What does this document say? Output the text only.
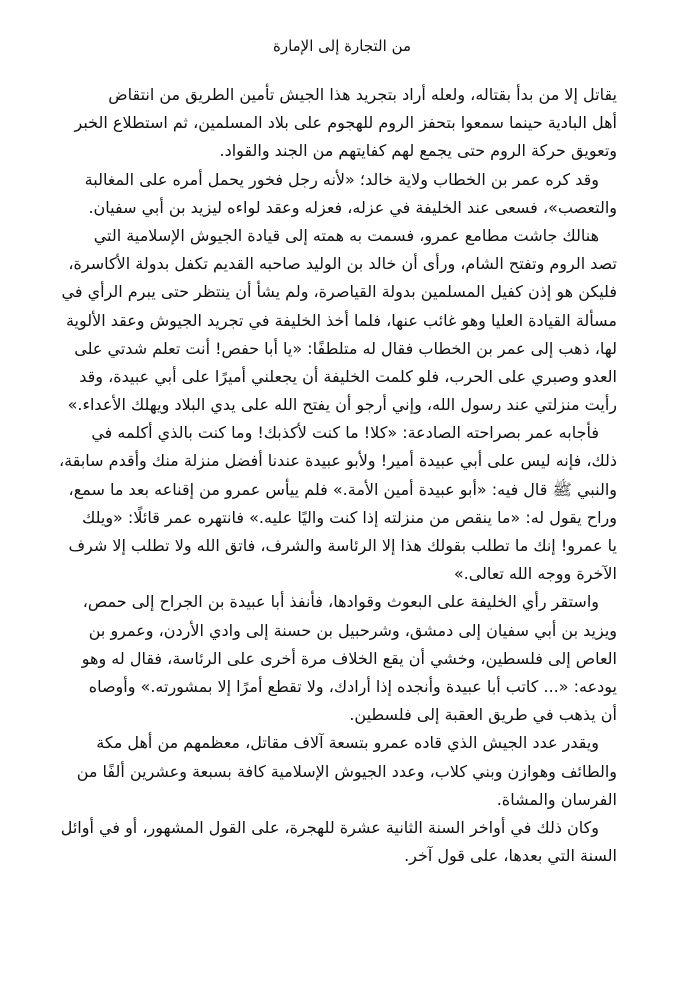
من التجارة إلى الإمارة
يقاتل إلا من بدأ بقتاله، ولعله أراد بتجريد هذا الجيش تأمين الطريق من انتقاض
أهل البادية حينما سمعوا بتحفز الروم للهجوم على بلاد المسلمين، ثم استطلاع الخبر
وتعويق حركة الروم حتى يجمع لهم كفايتهم من الجند والقواد.
وقد كره عمر بن الخطاب ولاية خالد؛ «لأنه رجل فخور يحمل أمره على المغالبة
والتعصب»، فسعى عند الخليفة في عزله، فعزله وعقد لواءه ليزيد بن أبي سفيان.
هنالك جاشت مطامع عمرو، فسمت به همته إلى قيادة الجيوش الإسلامية التي
تصد الروم وتفتح الشام، ورأى أن خالد بن الوليد صاحبه القديم تكفل بدولة الأكاسرة،
فليكن هو إذن كفيل المسلمين بدولة القياصرة، ولم يشأ أن ينتظر حتى يبرم الرأي في
مسألة القيادة العليا وهو غائب عنها، فلما أخذ الخليفة في تجريد الجيوش وعقد الألوية
لها، ذهب إلى عمر بن الخطاب فقال له متلطفًا: «يا أبا حفص! أنت تعلم شدتي على
العدو وصبري على الحرب، فلو كلمت الخليفة أن يجعلني أميرًا على أبي عبيدة، وقد
رأيت منزلتي عند رسول الله، وإني أرجو أن يفتح الله على يدي البلاد ويهلك الأعداء.»
فأجابه عمر بصراحته الصادعة: «كلا! ما كنت لأكذبك! وما كنت بالذي أكلمه في
ذلك، فإنه ليس على أبي عبيدة أمير! ولأبو عبيدة عندنا أفضل منزلة منك وأقدم سابقة،
والنبي ﷺ قال فيه: «أبو عبيدة أمين الأمة.» فلم ييأس عمرو من إقناعه بعد ما سمع،
وراح يقول له: «ما ينقص من منزلته إذا كنت واليًا عليه.» فانتهره عمر قائلًا: «ويلك
يا عمرو! إنك ما تطلب بقولك هذا إلا الرئاسة والشرف، فاتق الله ولا تطلب إلا شرف
الآخرة ووجه الله تعالى.»
واستقر رأي الخليفة على البعوث وقوادها، فأنفذ أبا عبيدة بن الجراح إلى حمص،
ويزيد بن أبي سفيان إلى دمشق، وشرحبيل بن حسنة إلى وادي الأردن، وعمرو بن
العاص إلى فلسطين، وخشي أن يقع الخلاف مرة أخرى على الرئاسة، فقال له وهو
يودعه: «... كاتب أبا عبيدة وأنجده إذا أرادك، ولا تقطع أمرًا إلا بمشورته.» وأوصاه
أن يذهب في طريق العقبة إلى فلسطين.
ويقدر عدد الجيش الذي قاده عمرو بتسعة آلاف مقاتل، معظمهم من أهل مكة
والطائف وهوازن وبني كلاب، وعدد الجيوش الإسلامية كافة بسبعة وعشرين ألفًا من
الفرسان والمشاة.
وكان ذلك في أواخر السنة الثانية عشرة للهجرة، على القول المشهور، أو في أوائل
السنة التي بعدها، على قول آخر.
